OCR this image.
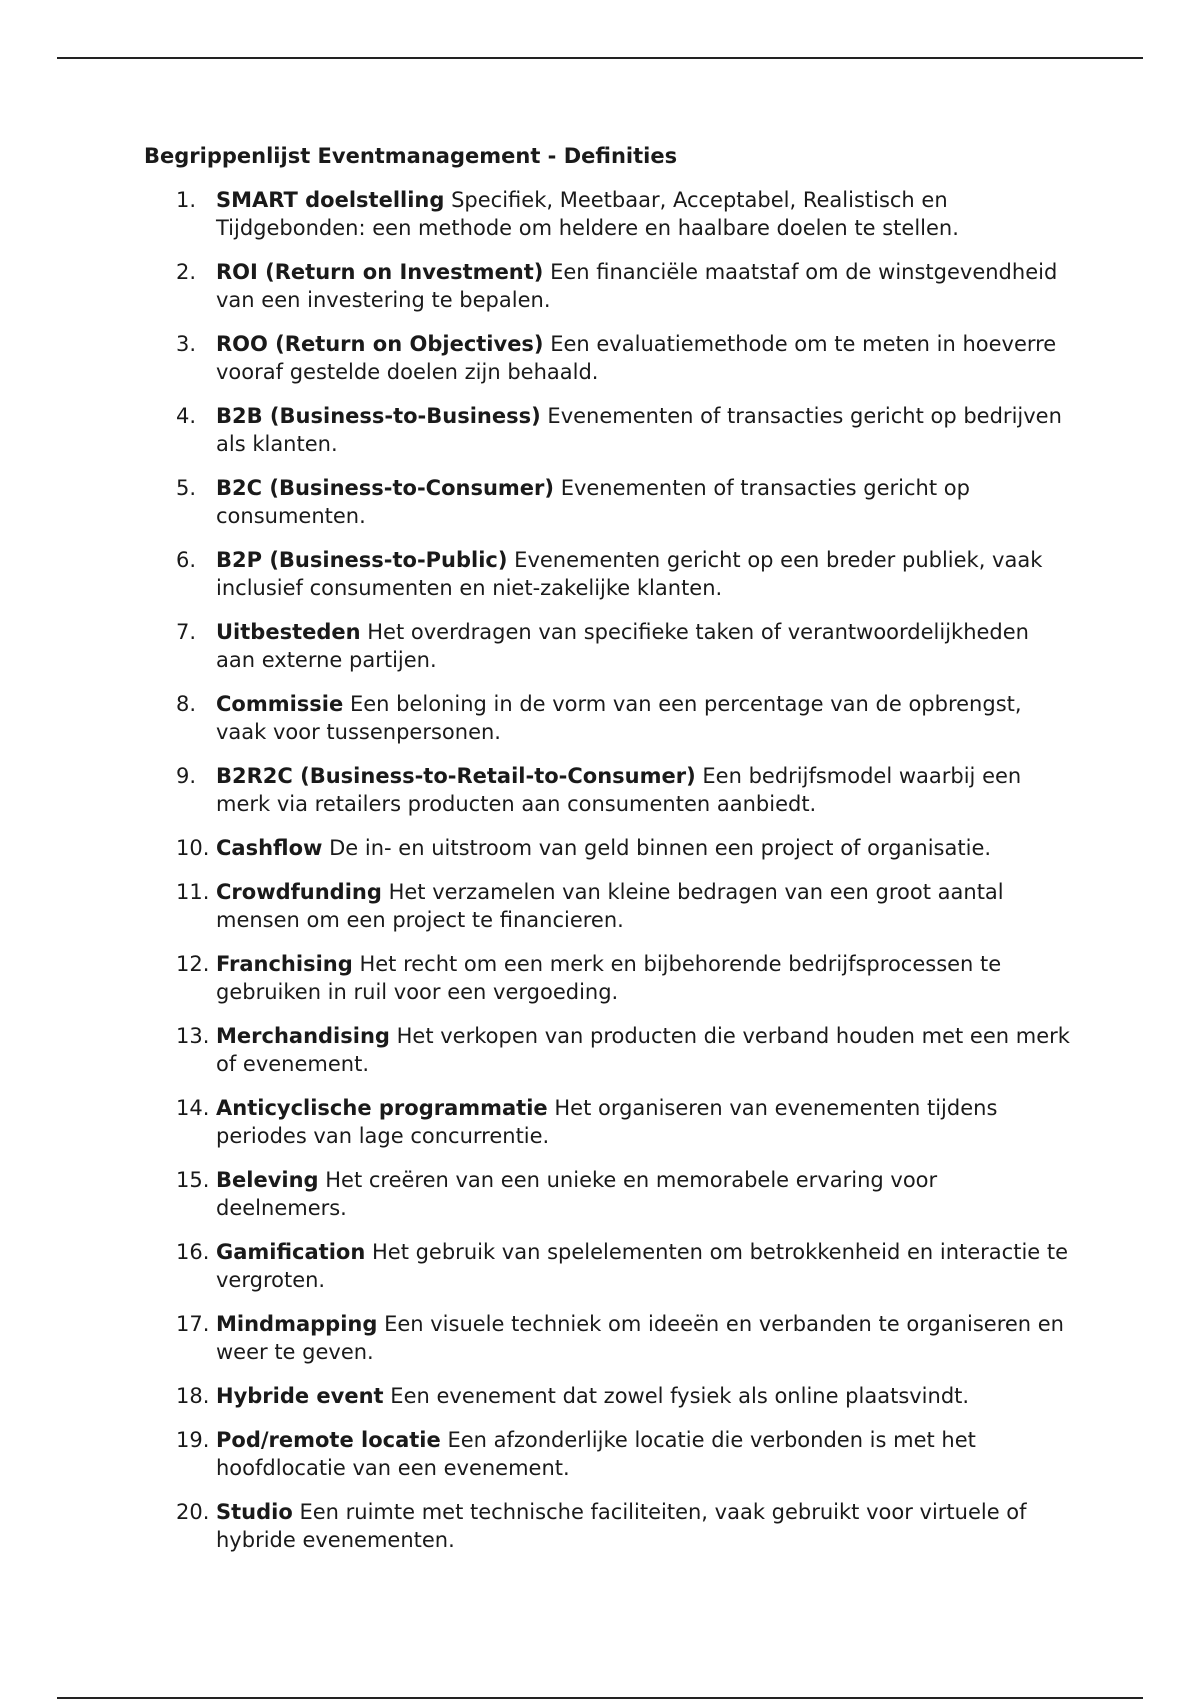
Begrippenlijst Eventmanagement - Definities
1. SMART doelstelling Specifiek, Meetbaar, Acceptabel, Realistisch en Tijdgebonden: een methode om heldere en haalbare doelen te stellen.
2. ROI (Return on Investment) Een financiële maatstaf om de winstgevendheid van een investering te bepalen.
3. ROO (Return on Objectives) Een evaluatiemethode om te meten in hoeverre vooraf gestelde doelen zijn behaald.
4. B2B (Business-to-Business) Evenementen of transacties gericht op bedrijven als klanten.
5. B2C (Business-to-Consumer) Evenementen of transacties gericht op consumenten.
6. B2P (Business-to-Public) Evenementen gericht op een breder publiek, vaak inclusief consumenten en niet-zakelijke klanten.
7. Uitbesteden Het overdragen van specifieke taken of verantwoordelijkheden aan externe partijen.
8. Commissie Een beloning in de vorm van een percentage van de opbrengst, vaak voor tussenpersonen.
9. B2R2C (Business-to-Retail-to-Consumer) Een bedrijfsmodel waarbij een merk via retailers producten aan consumenten aanbiedt.
10. Cashflow De in- en uitstroom van geld binnen een project of organisatie.
11. Crowdfunding Het verzamelen van kleine bedragen van een groot aantal mensen om een project te financieren.
12. Franchising Het recht om een merk en bijbehorende bedrijfsprocessen te gebruiken in ruil voor een vergoeding.
13. Merchandising Het verkopen van producten die verband houden met een merk of evenement.
14. Anticyclische programmatie Het organiseren van evenementen tijdens periodes van lage concurrentie.
15. Beleving Het creëren van een unieke en memorabele ervaring voor deelnemers.
16. Gamification Het gebruik van spelelementen om betrokkenheid en interactie te vergroten.
17. Mindmapping Een visuele techniek om ideeën en verbanden te organiseren en weer te geven.
18. Hybride event Een evenement dat zowel fysiek als online plaatsvindt.
19. Pod/remote locatie Een afzonderlijke locatie die verbonden is met het hoofdlocatie van een evenement.
20. Studio Een ruimte met technische faciliteiten, vaak gebruikt voor virtuele of hybride evenementen.
